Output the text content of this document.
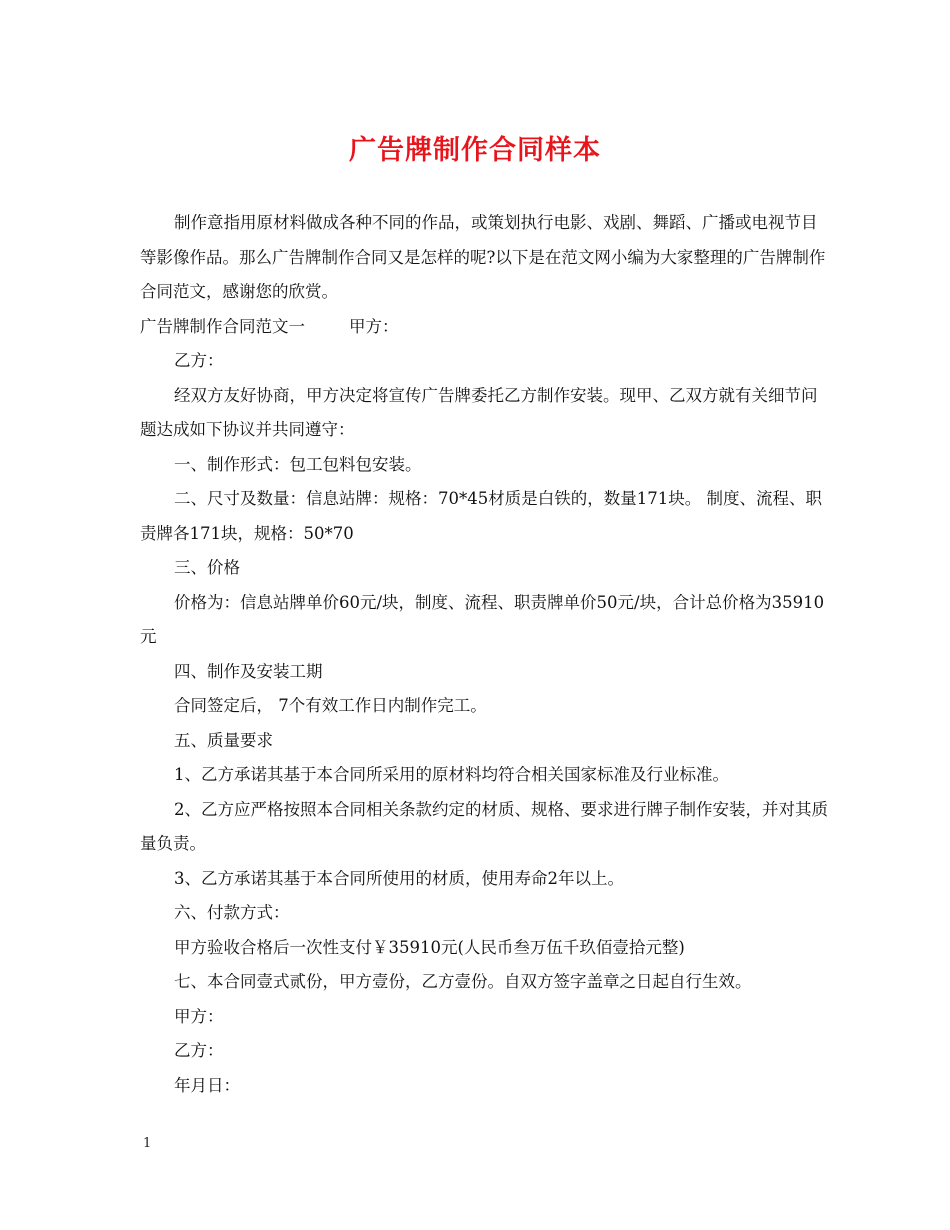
广告牌制作合同样本

制作意指用原材料做成各种不同的作品，或策划执行电影、戏剧、舞蹈、广播或电视节目等影像作品。那么广告牌制作合同又是怎样的呢?以下是在范文网小编为大家整理的广告牌制作合同范文，感谢您的欣赏。

广告牌制作合同范文一	甲方：

乙方：

经双方友好协商，甲方决定将宣传广告牌委托乙方制作安装。现甲、乙双方就有关细节问题达成如下协议并共同遵守：

一、制作形式：包工包料包安装。

二、尺寸及数量：信息站牌：规格：70*45材质是白铁的，数量171块。 制度、流程、职责牌各171块，规格：50*70

三、价格

价格为：信息站牌单价60元/块，制度、流程、职责牌单价50元/块，合计总价格为35910元

四、制作及安装工期

合同签定后， 7个有效工作日内制作完工。

五、质量要求

1、乙方承诺其基于本合同所采用的原材料均符合相关国家标准及行业标准。

2、乙方应严格按照本合同相关条款约定的材质、规格、要求进行牌子制作安装，并对其质量负责。

3、乙方承诺其基于本合同所使用的材质，使用寿命2年以上。

六、付款方式：

甲方验收合格后一次性支付￥35910元(人民币叁万伍千玖佰壹拾元整)

七、本合同壹式贰份，甲方壹份，乙方壹份。自双方签字盖章之日起自行生效。

甲方：

乙方：

年月日：

1
